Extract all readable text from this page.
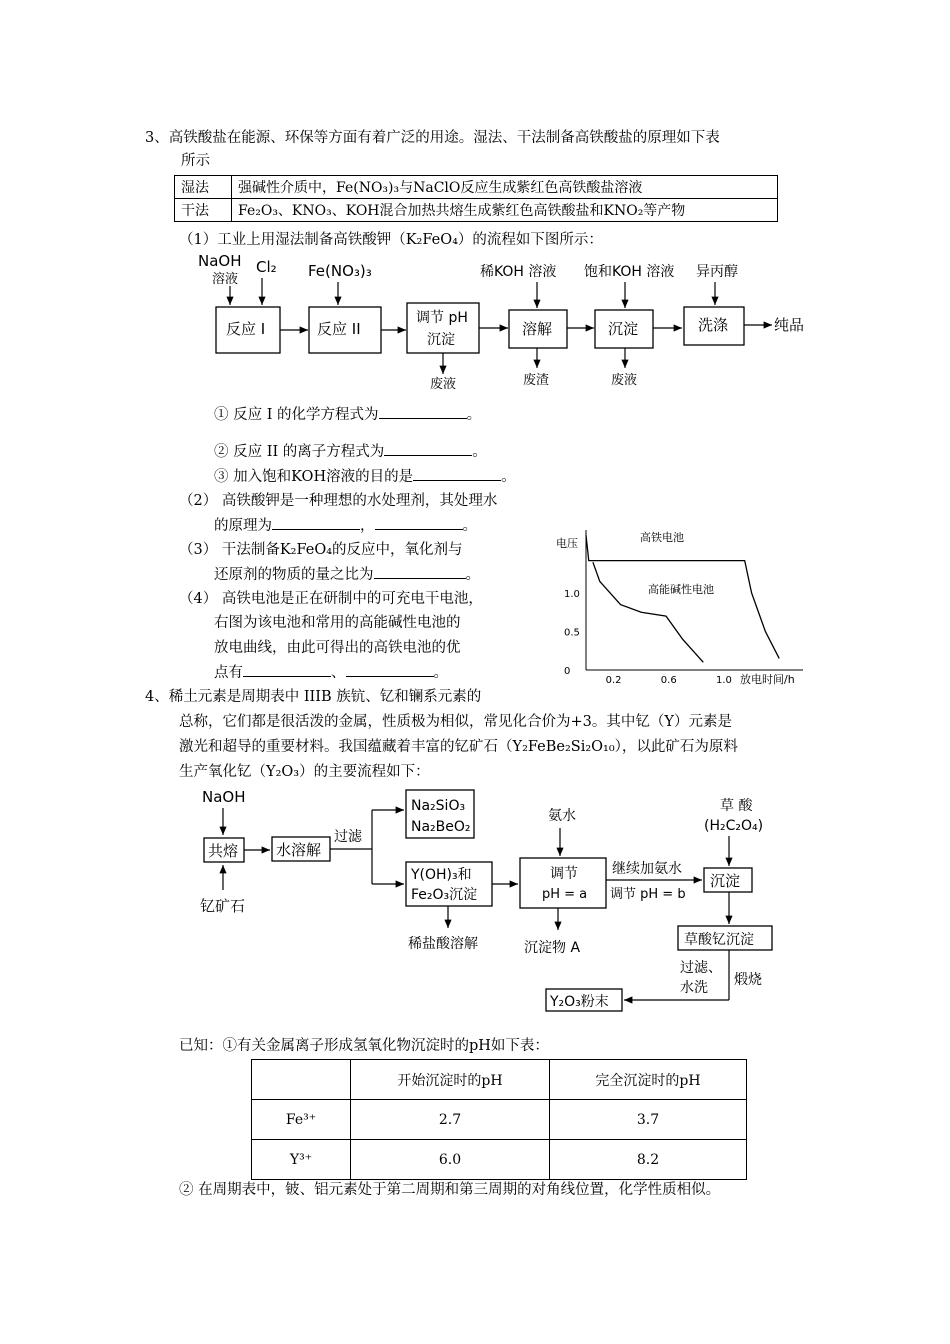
3、高铁酸盐在能源、环保等方面有着广泛的用途。湿法、干法制备高铁酸盐的原理如下表
所示
湿法	强碱性介质中，Fe(NO₃)₃与NaClO反应生成紫红色高铁酸盐溶液
干法	Fe₂O₃、KNO₃、KOH混合加热共熔生成紫红色高铁酸盐和KNO₂等产物
（1）工业上用湿法制备高铁酸钾（K₂FeO₄）的流程如下图所示：
NaOH
溶液
Cl₂ Fe(NO₃)₃
反应 I	反应 II
调节 pH
沉淀
废液
稀KOH 溶液
溶解
废渣
饱和KOH 溶液
沉淀
废液
异丙醇
洗涤	纯品
① 反应 I 的化学方程式为	。
② 反应 II 的离子方程式为	。
③ 加入饱和KOH溶液的目的是	。
（2） 高铁酸钾是一种理想的水处理剂，其处理水
的原理为	，	。
（3） 干法制备K₂FeO₄的反应中，氧化剂与
还原剂的物质的量之比为	。
（4） 高铁电池是正在研制中的可充电干电池，
右图为该电池和常用的高能碱性电池的
放电曲线，由此可得出的高铁电池的优
点有	、	。
电压
放电时间/h
0.2	0.6	1.0
0
0.5
1.0
高铁电池
高能碱性电池
4、稀土元素是周期表中 IIIB 族钪、钇和镧系元素的
总称，它们都是很活泼的金属，性质极为相似，常见化合价为+3。其中钇（Y）元素是
激光和超导的重要材料。我国蕴藏着丰富的钇矿石（Y₂FeBe₂Si₂O₁₀），以此矿石为原料
生产氧化钇（Y₂O₃）的主要流程如下：
NaOH
共熔
钇矿石
水溶解
过滤
Na₂SiO₃
Na₂BeO₂
Y(OH)₃和
Fe₂O₃沉淀
稀盐酸溶解
氨水
调节
pH = a
沉淀物 A
继续加氨水
调节 pH = b
草 酸
(H₂C₂O₄)
沉淀
草酸钇沉淀
过滤、
水洗 煅烧
Y₂O₃粉末
已知：①有关金属离子形成氢氧化物沉淀时的pH如下表：
	开始沉淀时的pH	完全沉淀时的pH
Fe³⁺	2.7	3.7
Y³⁺	6.0	8.2
② 在周期表中，铍、铝元素处于第二周期和第三周期的对角线位置，化学性质相似。
